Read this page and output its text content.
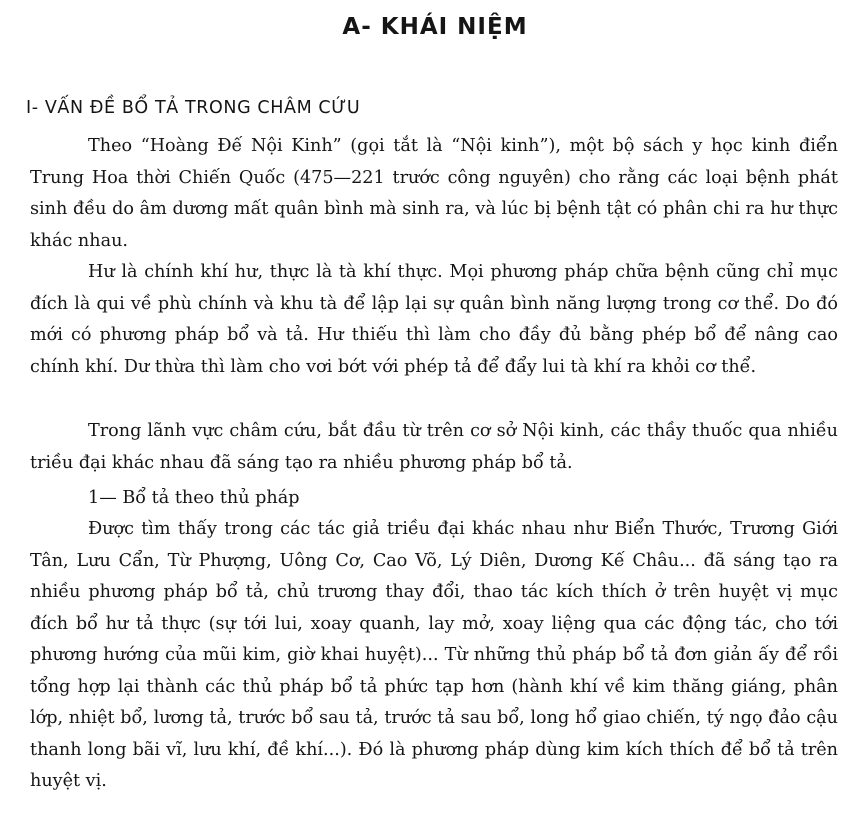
A- KHÁI NIỆM
I- VẤN ĐỀ BỔ TẢ TRONG CHÂM CỨU

Theo “Hoàng Đế Nội Kinh” (gọi tắt là “Nội kinh”), một bộ sách y học kinh điển Trung Hoa thời Chiến Quốc (475—221 trước công nguyên) cho rằng các loại bệnh phát sinh đều do âm dương mất quân bình mà sinh ra, và lúc bị bệnh tật có phân chi ra hư thực khác nhau.

Hư là chính khí hư, thực là tà khí thực. Mọi phương pháp chữa bệnh cũng chỉ mục đích là qui về phù chính và khu tà để lập lại sự quân bình năng lượng trong cơ thể. Do đó mới có phương pháp bổ và tả. Hư thiếu thì làm cho đầy đủ bằng phép bổ để nâng cao chính khí. Dư thừa thì làm cho vơi bớt với phép tả để đẩy lui tà khí ra khỏi cơ thể.

Trong lãnh vực châm cứu, bắt đầu từ trên cơ sở Nội kinh, các thầy thuốc qua nhiều triều đại khác nhau đã sáng tạo ra nhiều phương pháp bổ tả.

1— Bổ tả theo thủ pháp

Được tìm thấy trong các tác giả triều đại khác nhau như Biển Thước, Trương Giới Tân, Lưu Cẩn, Từ Phượng, Uông Cơ, Cao Võ, Lý Diên, Dương Kế Châu... đã sáng tạo ra nhiều phương pháp bổ tả, chủ trương thay đổi, thao tác kích thích ở trên huyệt vị mục đích bổ hư tả thực (sự tới lui, xoay quanh, lay mở, xoay liệng qua các động tác, cho tới phương hướng của mũi kim, giờ khai huyệt)... Từ những thủ pháp bổ tả đơn giản ấy để rồi tổng hợp lại thành các thủ pháp bổ tả phức tạp hơn (hành khí về kim thăng giáng, phân lớp, nhiệt bổ, lương tả, trước bổ sau tả, trước tả sau bổ, long hổ giao chiến, tý ngọ đảo cậu thanh long bãi vĩ, lưu khí, đề khí...). Đó là phương pháp dùng kim kích thích để bổ tả trên huyệt vị.
